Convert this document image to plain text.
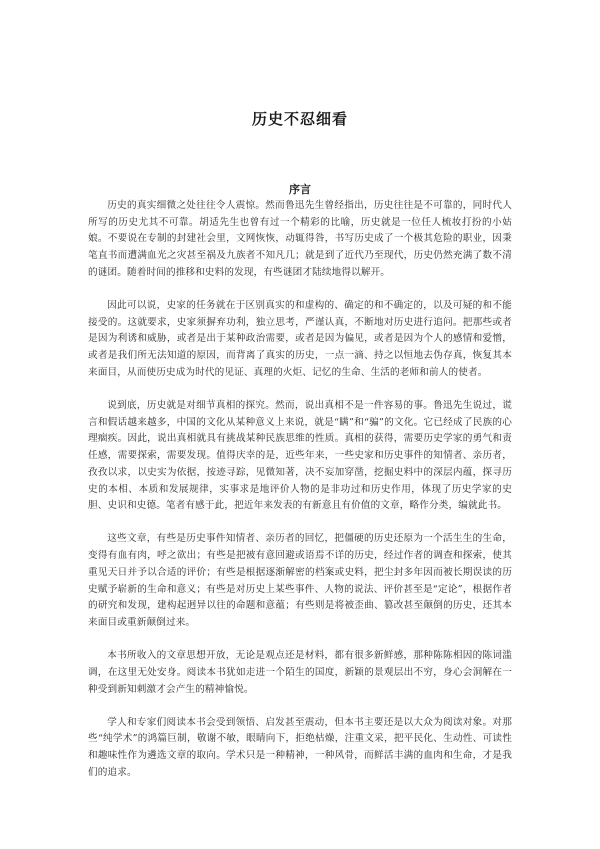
历史不忍细看
序言

历史的真实细微之处往往令人震惊。然而鲁迅先生曾经指出，历史往往是不可靠的，同时代人所写的历史尤其不可靠。胡适先生也曾有过一个精彩的比喻，历史就是一位任人梳妆打扮的小姑娘。不要说在专制的封建社会里，文网恢恢，动辄得咎，书写历史成了一个极其危险的职业，因秉笔直书而遭满血光之灾甚至祸及九族者不知凡几；就是到了近代乃至现代，历史仍然充满了数不清的谜团。随着时间的推移和史料的发现，有些谜团才陆续地得以解开。

因此可以说，史家的任务就在于区别真实的和虚构的、确定的和不确定的，以及可疑的和不能接受的。这就要求，史家须摒弃功利，独立思考，严谨认真，不断地对历史进行追问。把那些或者是因为利诱和威胁，或者是出于某种政治需要，或者是因为偏见，或者是因为个人的感情和爱憎，或者是我们所无法知道的原因，而背离了真实的历史，一点一滴、持之以恒地去伪存真，恢复其本来面目，从而使历史成为时代的见证、真理的火炬、记忆的生命、生活的老师和前人的使者。

说到底，历史就是对细节真相的探究。然而，说出真相不是一件容易的事。鲁迅先生说过，谎言和假话越来越多，中国的文化从某种意义上来说，就是“瞒”和“骗”的文化。它已经成了民族的心理痼疾。因此，说出真相就具有挑战某种民族思维的性质。真相的获得，需要历史学家的勇气和责任感，需要探索，需要发现。值得庆幸的是，近些年来，一些史家和历史事件的知情者、亲历者，孜孜以求，以史实为依据，按迹寻踪，见微知著，决不妄加穿凿，挖掘史料中的深层内蕴，探寻历史的本相、本质和发展规律，实事求是地评价人物的是非功过和历史作用，体现了历史学家的史胆、史识和史德。笔者有感于此，把近年来发表的有新意且有价值的文章，略作分类，编就此书。

这些文章，有些是历史事件知情者、亲历者的回忆，把僵硬的历史还原为一个活生生的生命，变得有血有肉，呼之欲出；有些是把被有意回避或语焉不详的历史，经过作者的调查和探索，使其重见天日并予以合适的评价；有些是根据逐渐解密的档案或史料，把尘封多年因而被长期误读的历史赋予崭新的生命和意义；有些是对历史上某些事件、人物的说法、评价甚至是“定论”，根据作者的研究和发现，建构起迥异以往的命题和意蕴；有些则是将被歪曲、篡改甚至颠倒的历史，还其本来面目或重新颠倒过来。

本书所收入的文章思想开放，无论是观点还是材料，都有很多新鲜感，那种陈陈相因的陈词滥调，在这里无处安身。阅读本书犹如走进一个陌生的国度，新颖的景观层出不穷，身心会洞解在一种受到新知刺激才会产生的精神愉悦。

学人和专家们阅读本书会受到领悟、启发甚至震动，但本书主要还是以大众为阅读对象。对那些“纯学术”的鸿篇巨制，敬谢不敏，眼睛向下，拒绝枯燥，注重文采，把平民化、生动性、可读性和趣味性作为遴选文章的取向。学术只是一种精神，一种风骨，而鲜活丰满的血肉和生命，才是我们的追求。
